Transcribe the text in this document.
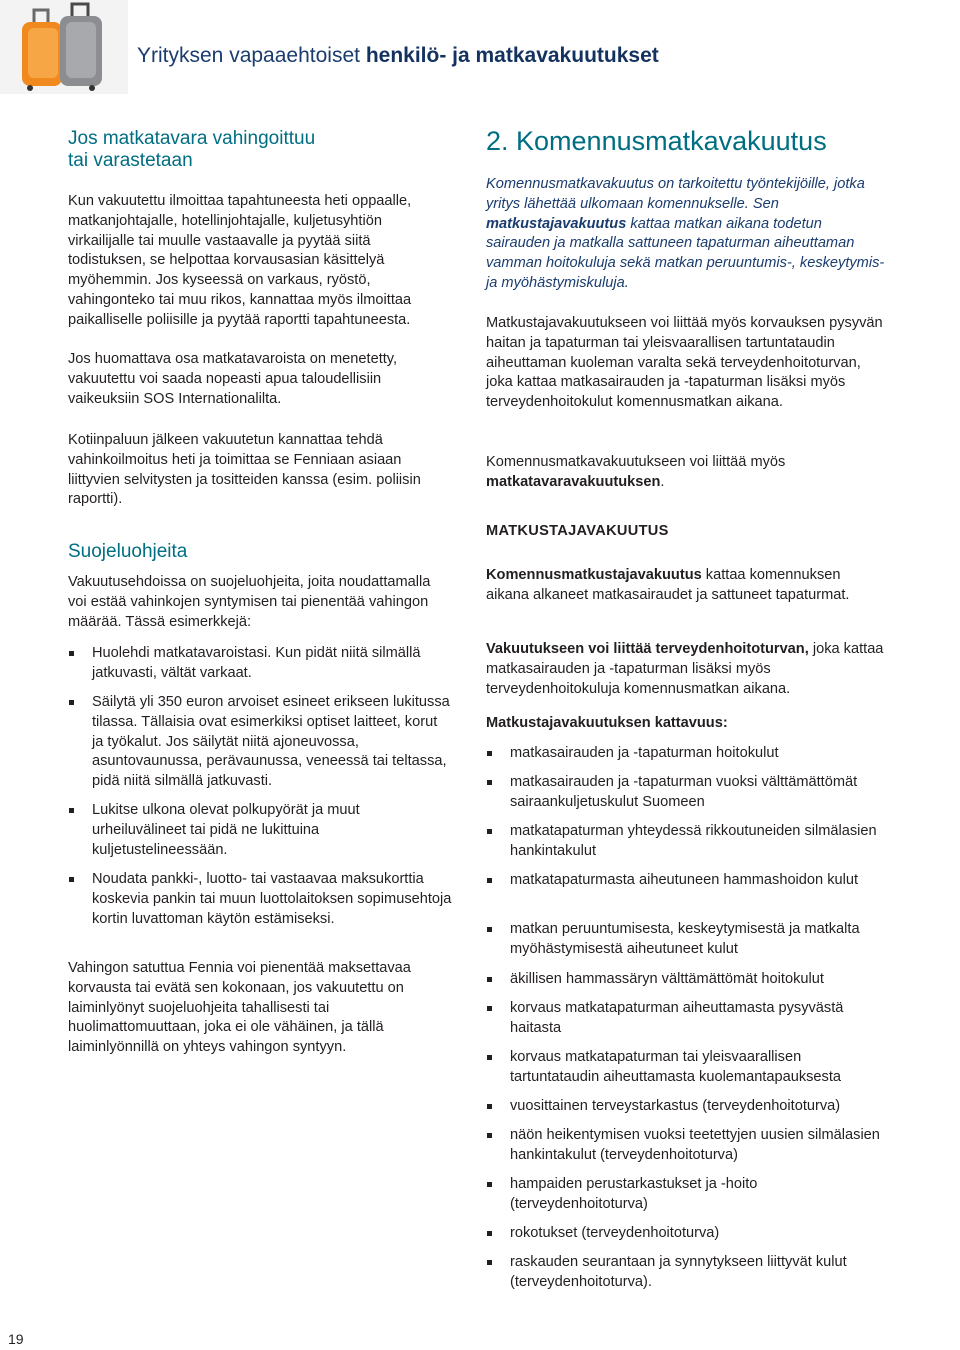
Yrityksen vapaaehtoiset henkilö- ja matkavakuutukset
Jos matkatavara vahingoittuu
tai varastetaan

Kun vakuutettu ilmoittaa tapahtuneesta heti oppaalle, matkanjohtajalle, hotellinjohtajalle, kuljetusyhtiön virkailijalle tai muulle vastaavalle ja pyytää siitä todistuksen, se helpottaa korvausasian käsittelyä myöhemmin. Jos kyseessä on varkaus, ryöstö, vahingonteko tai muu rikos, kannattaa myös ilmoittaa paikalliselle poliisille ja pyytää raportti tapahtuneesta.

Jos huomattava osa matkatavaroista on menetetty, vakuutettu voi saada nopeasti apua taloudellisiin vaikeuksiin SOS Internationalilta.

Kotiinpaluun jälkeen vakuutetun kannattaa tehdä vahinkoilmoitus heti ja toimittaa se Fenniaan asiaan liittyvien selvitysten ja tositteiden kanssa (esim. poliisin raportti).

Suojeluohjeita

Vakuutusehdoissa on suojeluohjeita, joita noudattamalla voi estää vahinkojen syntymisen tai pienentää vahingon määrää. Tässä esimerkkejä:

Huolehdi matkatavaroistasi. Kun pidät niitä silmällä jatkuvasti, vältät varkaat.

Säilytä yli 350 euron arvoiset esineet erikseen lukitussa tilassa. Tällaisia ovat esimerkiksi optiset laitteet, korut ja työkalut. Jos säilytät niitä ajoneuvossa, asuntovaunussa, perävaunussa, veneessä tai teltassa, pidä niitä silmällä jatkuvasti.

Lukitse ulkona olevat polkupyörät ja muut urheiluvälineet tai pidä ne lukittuina kuljetustelineessään.

Noudata pankki-, luotto- tai vastaavaa maksukorttia koskevia pankin tai muun luottolaitoksen sopimusehtoja kortin luvattoman käytön estämiseksi.

Vahingon satuttua Fennia voi pienentää maksettavaa korvausta tai evätä sen kokonaan, jos vakuutettu on laiminlyönyt suojeluohjeita tahallisesti tai huolimattomuuttaan, joka ei ole vähäinen, ja tällä laiminlyönnillä on yhteys vahingon syntyyn.

2. Komennusmatkavakuutus

Komennusmatkavakuutus on tarkoitettu työntekijöille, jotka yritys lähettää ulkomaan komennukselle. Sen matkustajavakuutus kattaa matkan aikana todetun sairauden ja matkalla sattuneen tapaturman aiheuttaman vamman hoitokuluja sekä matkan peruuntumis-, keskeytymis- ja myöhästymiskuluja.

Matkustajavakuutukseen voi liittää myös korvauksen pysyvän haitan ja tapaturman tai yleisvaarallisen tartuntataudin aiheuttaman kuoleman varalta sekä terveydenhoitoturvan, joka kattaa matkasairauden ja -tapaturman lisäksi myös terveydenhoitokulut komennusmatkan aikana.

Komennusmatkavakuutukseen voi liittää myös matkatavaravakuutuksen.

MATKUSTAJAVAKUUTUS

Komennusmatkustajavakuutus kattaa komennuksen aikana alkaneet matkasairaudet ja sattuneet tapaturmat.

Vakuutukseen voi liittää terveydenhoitoturvan, joka kattaa matkasairauden ja -tapaturman lisäksi myös terveydenhoitokuluja komennusmatkan aikana.

Matkustajavakuutuksen kattavuus:

matkasairauden ja -tapaturman hoitokulut

matkasairauden ja -tapaturman vuoksi välttämättömät sairaankuljetuskulut Suomeen

matkatapaturman yhteydessä rikkoutuneiden silmälasien hankintakulut

matkatapaturmasta aiheutuneen hammashoidon kulut

matkan peruuntumisesta, keskeytymisestä ja matkalta myöhästymisestä aiheutuneet kulut

äkillisen hammassäryn välttämättömät hoitokulut

korvaus matkatapaturman aiheuttamasta pysyvästä haitasta

korvaus matkatapaturman tai yleisvaarallisen tartuntataudin aiheuttamasta kuolemantapauksesta

vuosittainen terveystarkastus (terveydenhoitoturva)

näön heikentymisen vuoksi teetettyjen uusien silmälasien hankintakulut (terveydenhoitoturva)

hampaiden perustarkastukset ja -hoito (terveydenhoitoturva)

rokotukset (terveydenhoitoturva)

raskauden seurantaan ja synnytykseen liittyvät kulut (terveydenhoitoturva).

19
